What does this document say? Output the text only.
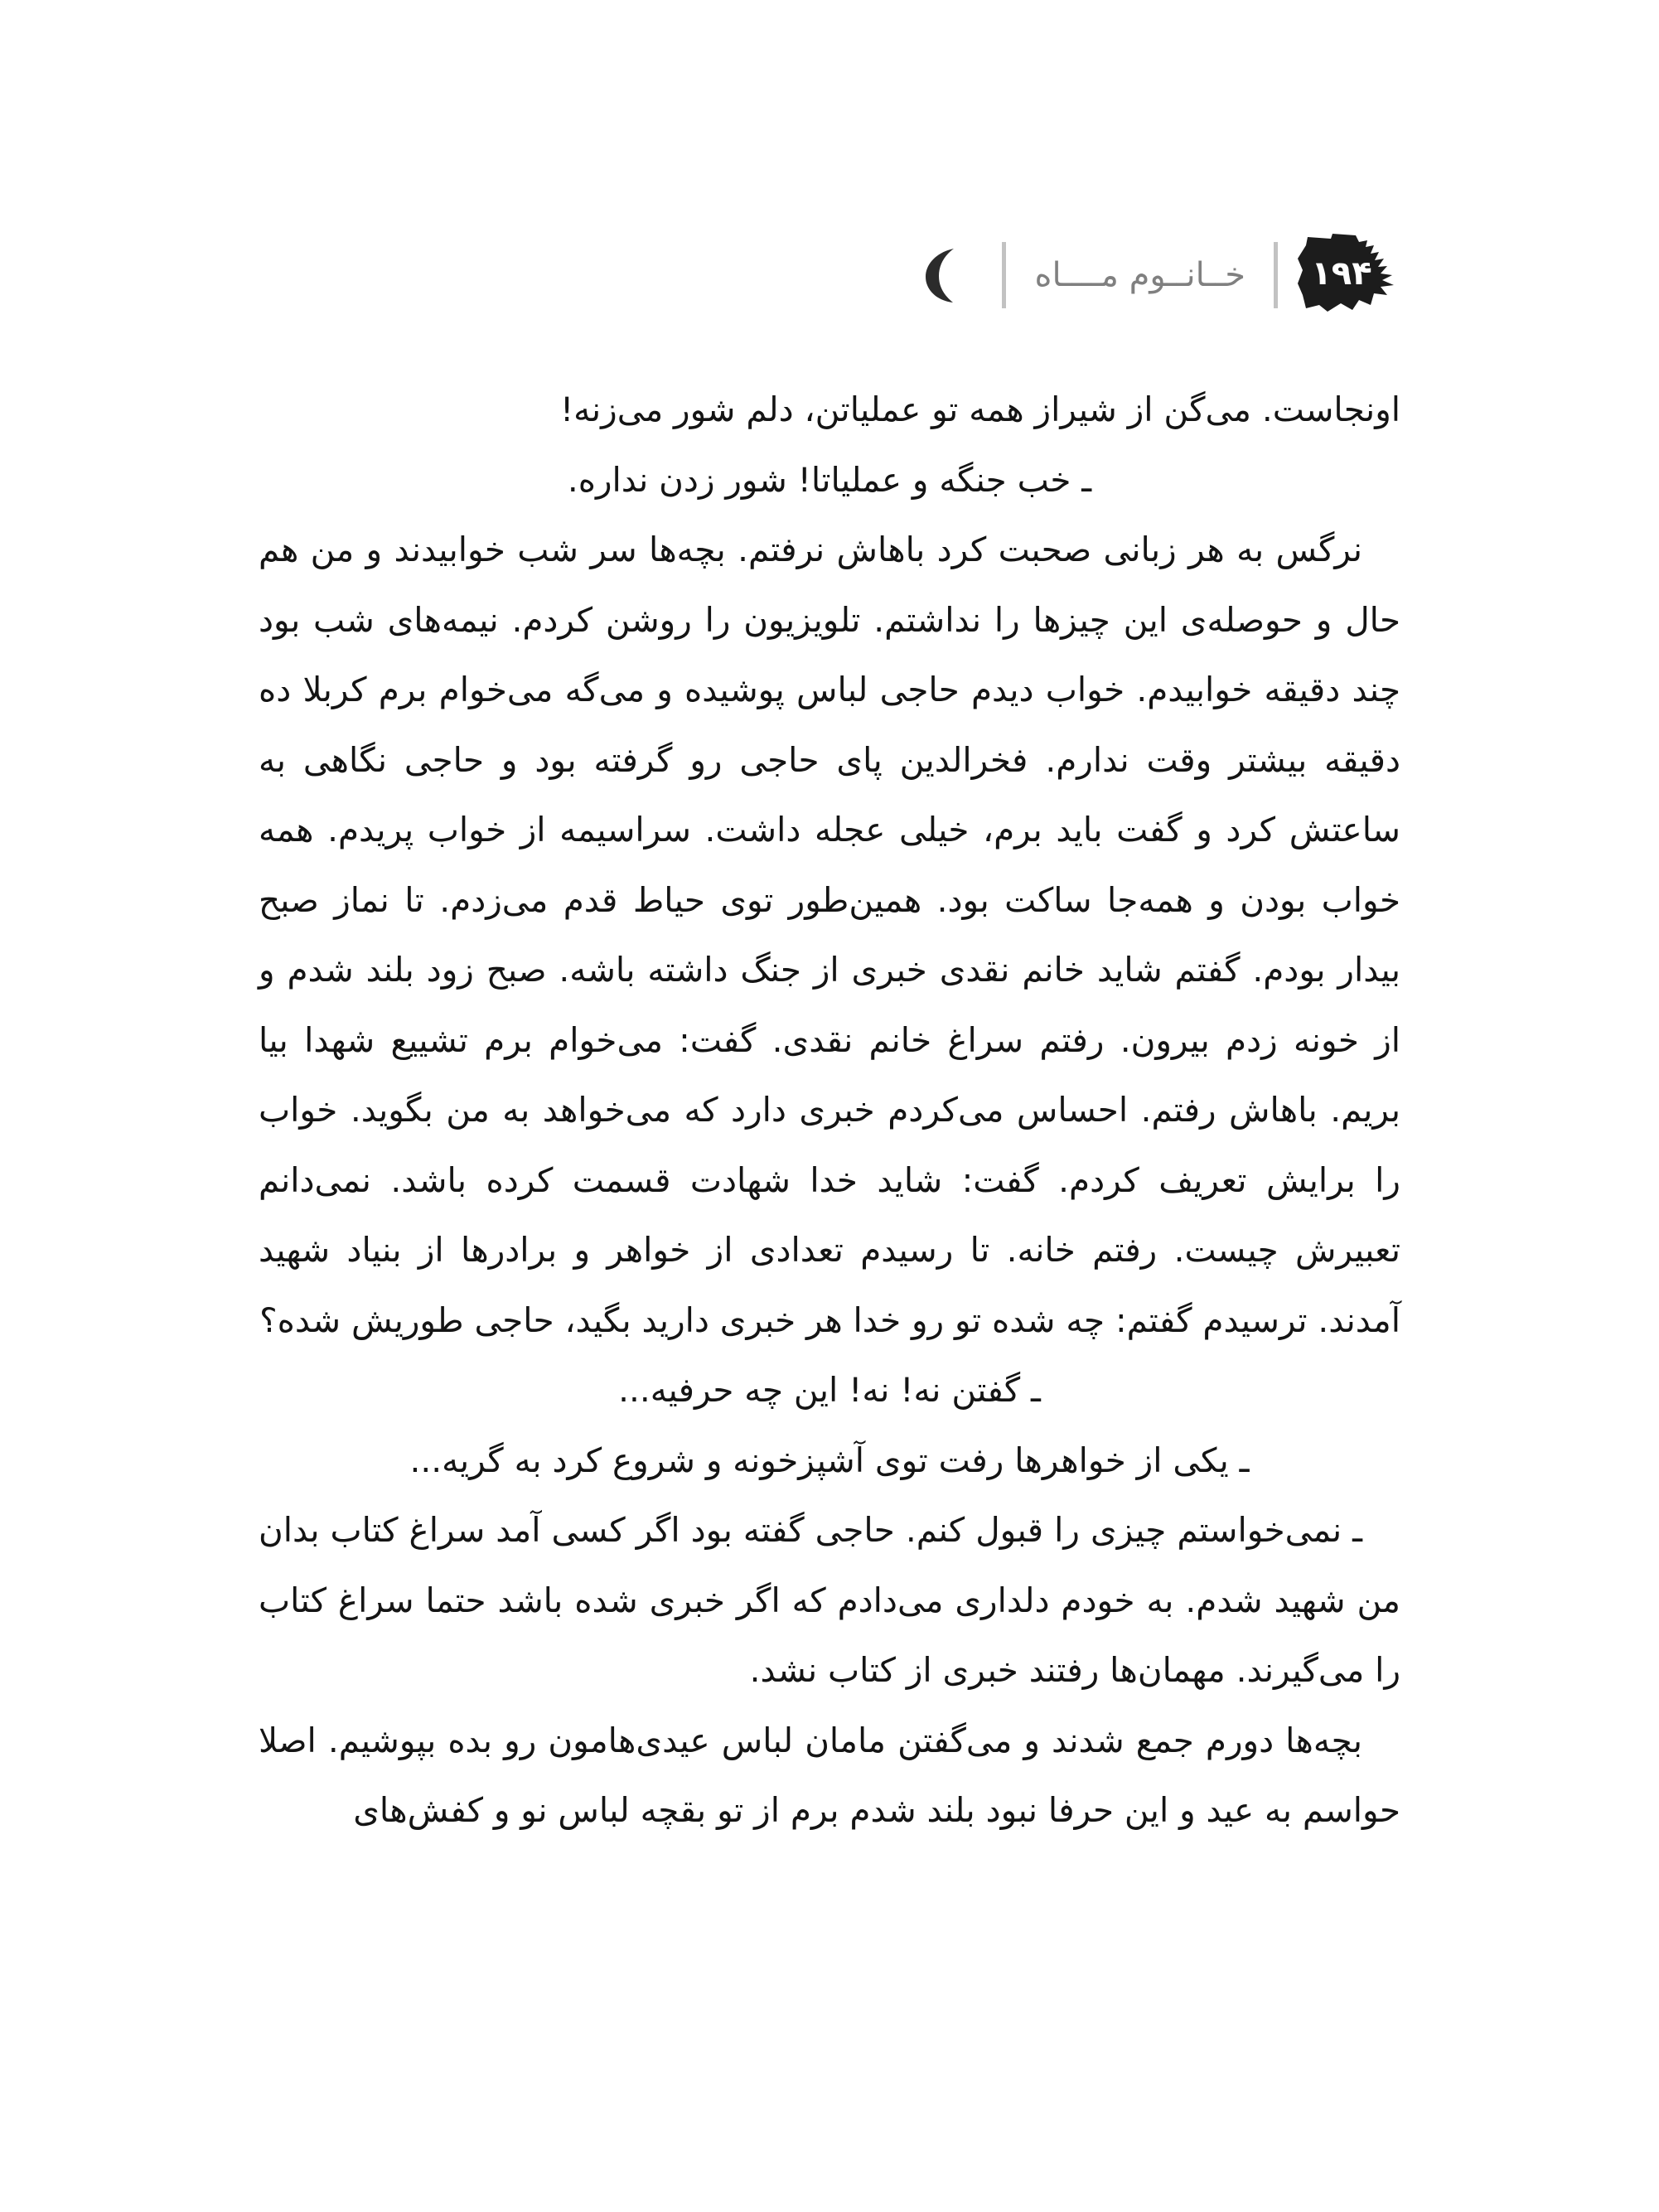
۱۹۴
خــانــوم مــــاه

اونجاست. می‌گن از شیراز همه تو عملیاتن، دلم شور می‌زنه!

ـ خب جنگه و عملیاتا! شور زدن نداره.

نرگس به هر زبانی صحبت کرد باهاش نرفتم. بچه‌ها سر شب خوابیدند و من هم حال و حوصله‌ی این چیزها را نداشتم. تلویزیون را روشن کردم. نیمه‌های شب بود چند دقیقه خوابیدم. خواب دیدم حاجی لباس پوشیده و می‌گه می‌خوام برم کربلا ده دقیقه بیشتر وقت ندارم. فخرالدین پای حاجی رو گرفته بود و حاجی نگاهی به ساعتش کرد و گفت باید برم، خیلی عجله داشت. سراسیمه از خواب پریدم. همه خواب بودن و همه‌جا ساکت بود. همین‌طور توی حیاط قدم می‌زدم. تا نماز صبح بیدار بودم. گفتم شاید خانم نقدی خبری از جنگ داشته باشه. صبح زود بلند شدم و از خونه زدم بیرون. رفتم سراغ خانم نقدی. گفت: می‌خوام برم تشییع شهدا بیا بریم. باهاش رفتم. احساس می‌کردم خبری دارد که می‌خواهد به من بگوید. خواب را برایش تعریف کردم. گفت: شاید خدا شهادت قسمت کرده باشد. نمی‌دانم تعبیرش چیست. رفتم خانه. تا رسیدم تعدادی از خواهر و برادرها از بنیاد شهید آمدند. ترسیدم گفتم: چه شده تو رو خدا هر خبری دارید بگید، حاجی طوریش شده؟

ـ گفتن نه! نه! این چه حرفیه...

ـ یکی از خواهرها رفت توی آشپزخونه و شروع کرد به گریه...

ـ نمی‌خواستم چیزی را قبول کنم. حاجی گفته بود اگر کسی آمد سراغ کتاب بدان من شهید شدم. به خودم دلداری می‌دادم که اگر خبری شده باشد حتما سراغ کتاب را می‌گیرند. مهمان‌ها رفتند خبری از کتاب نشد.

بچه‌ها دورم جمع شدند و می‌گفتن مامان لباس عیدی‌هامون رو بده بپوشیم. اصلا حواسم به عید و این حرفا نبود بلند شدم برم از تو بقچه لباس نو و کفش‌های
